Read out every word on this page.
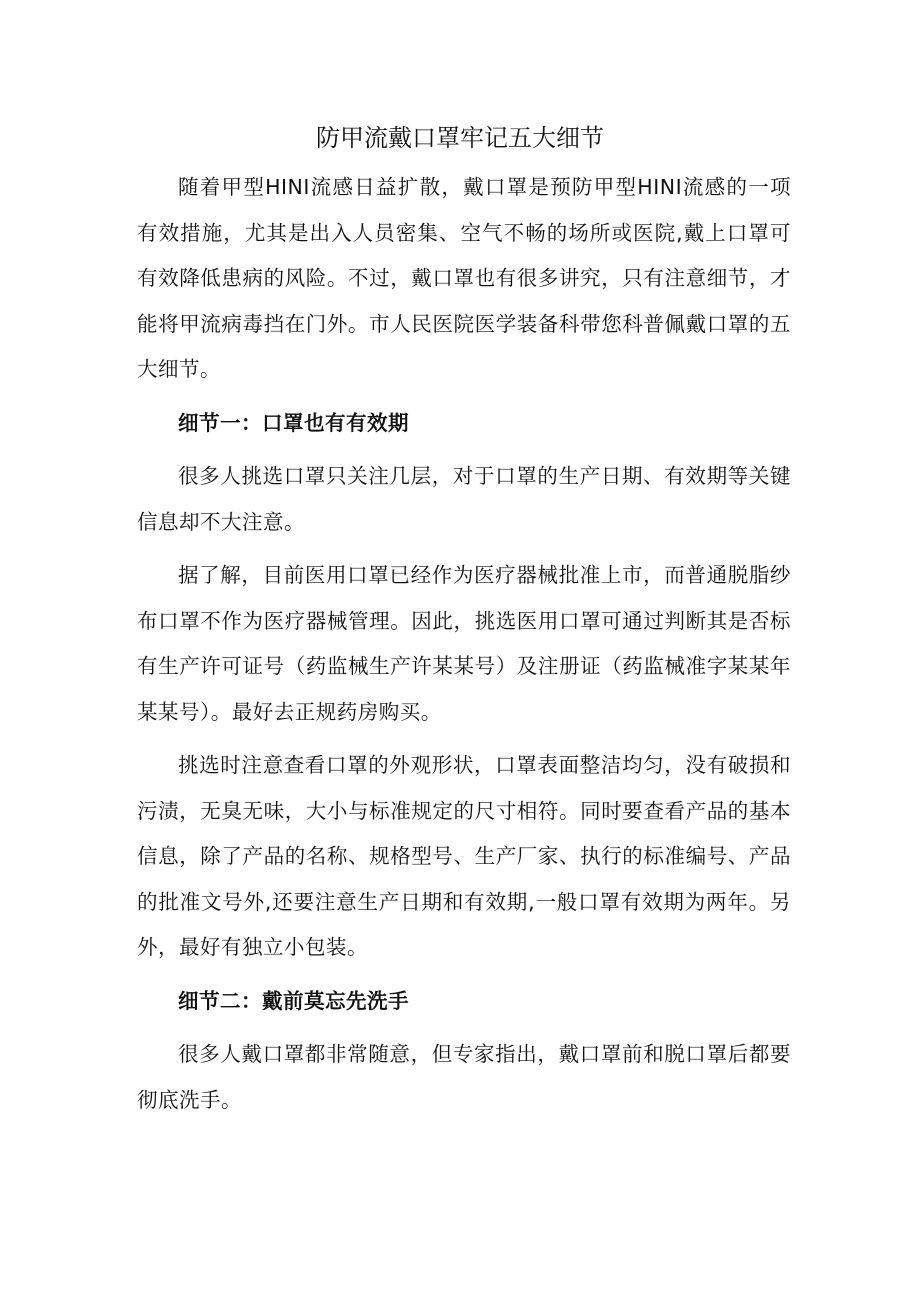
防甲流戴口罩牢记五大细节

随着甲型HINI流感日益扩散，戴口罩是预防甲型HINI流感的一项有效措施，尤其是出入人员密集、空气不畅的场所或医院,戴上口罩可有效降低患病的风险。不过，戴口罩也有很多讲究，只有注意细节，才能将甲流病毒挡在门外。市人民医院医学装备科带您科普佩戴口罩的五大细节。

细节一：口罩也有有效期

很多人挑选口罩只关注几层，对于口罩的生产日期、有效期等关键信息却不大注意。

据了解，目前医用口罩已经作为医疗器械批准上市，而普通脱脂纱布口罩不作为医疗器械管理。因此，挑选医用口罩可通过判断其是否标有生产许可证号（药监械生产许某某号）及注册证（药监械准字某某年某某号）。最好去正规药房购买。

挑选时注意查看口罩的外观形状，口罩表面整洁均匀，没有破损和污渍，无臭无味，大小与标准规定的尺寸相符。同时要查看产品的基本信息，除了产品的名称、规格型号、生产厂家、执行的标准编号、产品的批准文号外,还要注意生产日期和有效期,一般口罩有效期为两年。另外，最好有独立小包装。

细节二：戴前莫忘先洗手

很多人戴口罩都非常随意，但专家指出，戴口罩前和脱口罩后都要彻底洗手。
